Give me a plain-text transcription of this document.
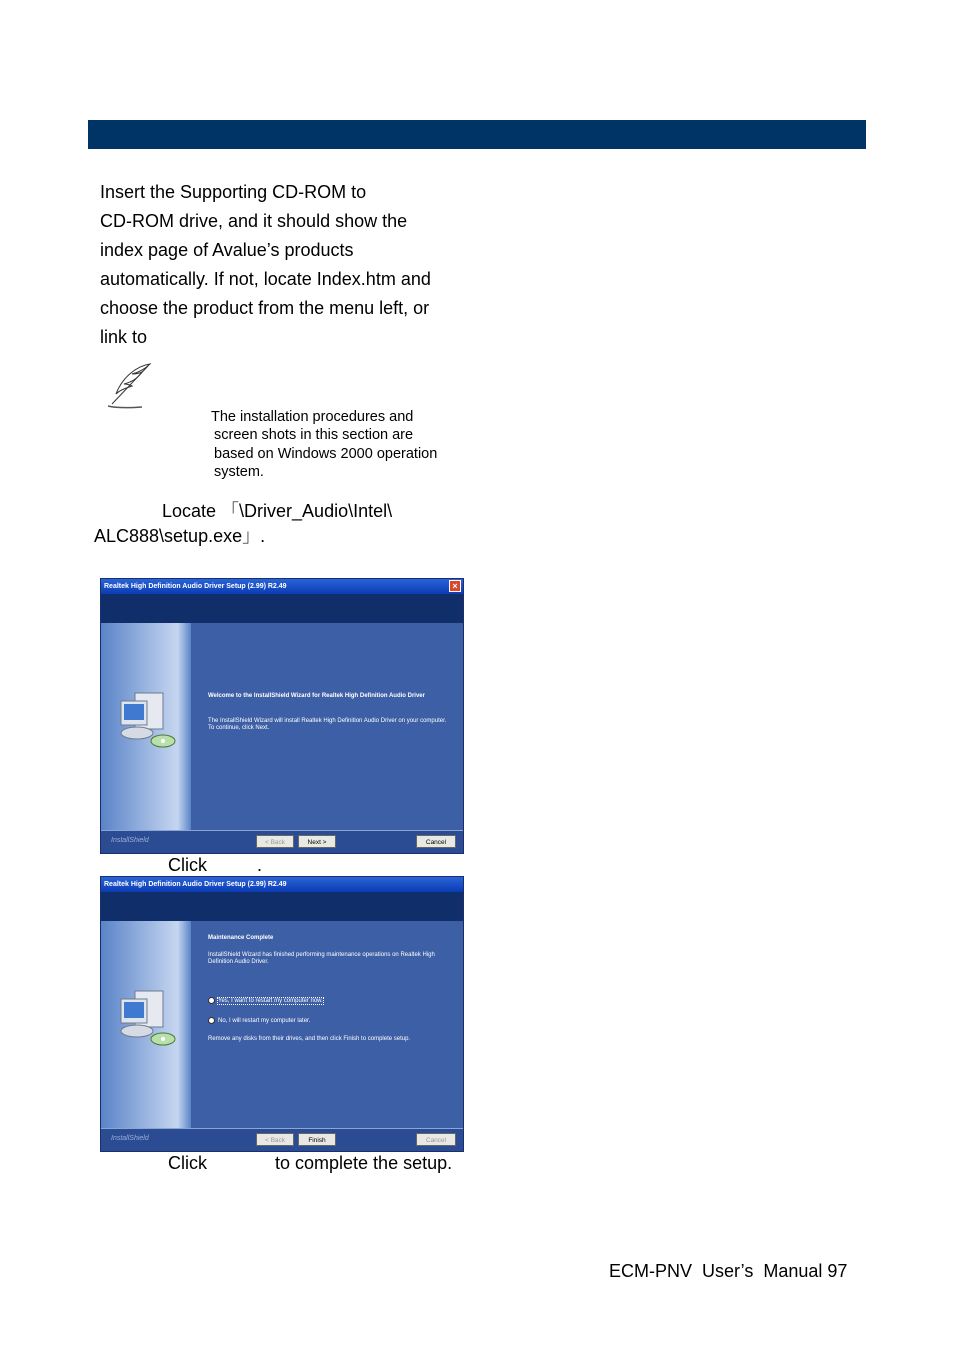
Insert the Supporting CD-ROM to
CD-ROM drive, and it should show the
index page of Avalue’s products
automatically. If not, locate Index.htm and
choose the product from the menu left, or
link to
The installation procedures and
screen shots in this section are
based on Windows 2000 operation
system.
Locate 「\Driver_Audio\Intel\
ALC888\setup.exe」.
Realtek High Definition Audio Driver Setup (2.99) R2.49	×
Welcome to the InstallShield Wizard for Realtek High Definition Audio Driver
The InstallShield Wizard will install Realtek High Definition Audio Driver on your computer. To continue, click Next.
InstallShield	< Back	Next >	Cancel
Click	.
Realtek High Definition Audio Driver Setup (2.99) R2.49
Maintenance Complete
InstallShield Wizard has finished performing maintenance operations on Realtek High Definition Audio Driver.
Yes, I want to restart my computer now.
No, I will restart my computer later.
Remove any disks from their drives, and then click Finish to complete setup.
InstallShield	< Back	Finish	Cancel
Click	to complete the setup.
ECM-PNV  User’s  Manual 97
